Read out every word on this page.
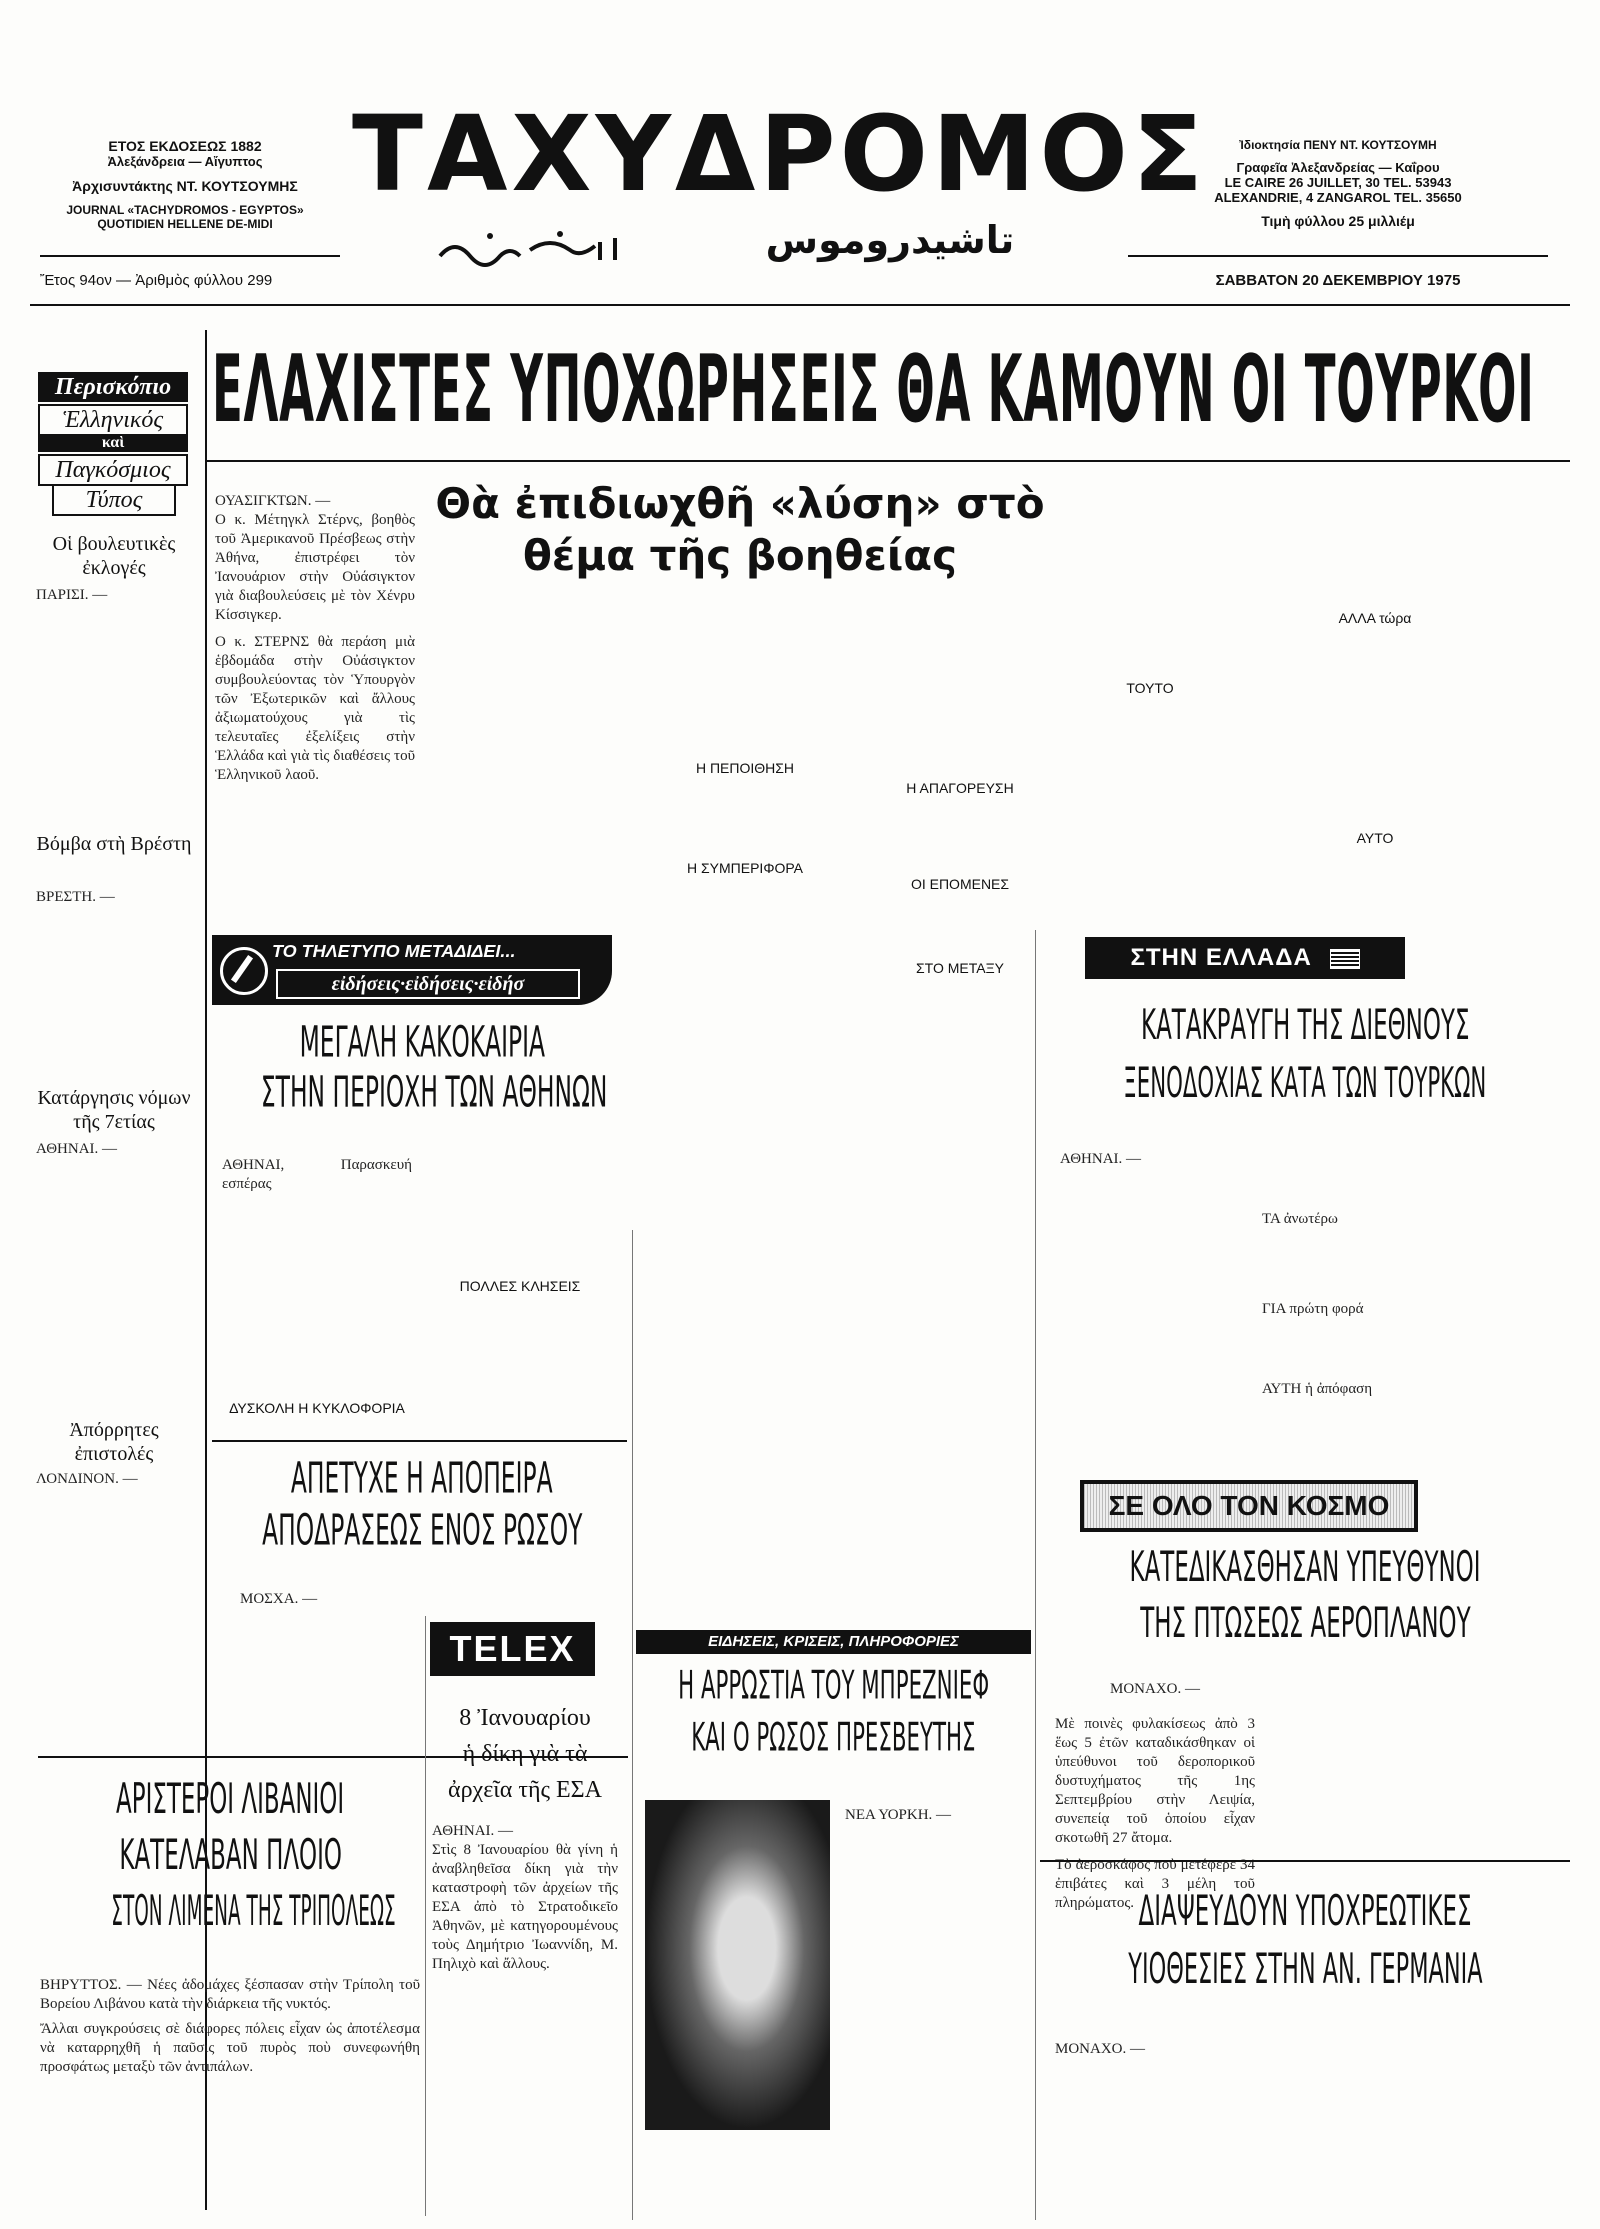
ΕΤΟΣ ΕΚΔΟΣΕΩΣ 1882
Ἀλεξάνδρεια — Αἴγυπτος
Ἀρχισυντάκτης ΝΤ. ΚΟΥΤΣΟΥΜΗΣ
JOURNAL «TACHYDROMOS - EGYPTOS»
QUOTIDIEN HELLENE DE-MIDI
Ἔτος 94ον — Ἀριθμὸς φύλλου 299
ΤΑΧΥΔΡΟΜΟΣ
تاشيدروموس
Ἰδιοκτησία ΠΕΝΥ ΝΤ. ΚΟΥΤΣΟΥΜΗ
Γραφεῖα Ἀλεξανδρείας — Καΐρου
LE CAIRE 26 JUILLET, 30 TEL. 53943
ALEXANDRIE, 4 ZANGAROL TEL. 35650
Τιμὴ φύλλου 25 μιλλιέμ
ΣΑΒΒΑΤΟΝ 20 ΔΕΚΕΜΒΡΙΟΥ 1975
ΕΛΑΧΙΣΤΕΣ ΥΠΟΧΩΡΗΣΕΙΣ ΘΑ ΚΑΜΟΥΝ ΟΙ ΤΟΥΡΚΟΙ
Περισκόπιο
Ἑλληνικός
καὶ
Παγκόσμιος
Τύπος
Οἱ βουλευτικὲς ἐκλογές
ΠΑΡΙΣΙ. —
Βόμβα στὴ Βρέστη
ΒΡΕΣΤΗ. —
Κατάργησις νόμων τῆς 7ετίας
ΑΘΗΝΑΙ. —
Ἀπόρρητες ἐπιστολές
ΛΟΝΔΙΝΟΝ. —
ΟΥΑΣΙΓΚΤΩΝ. —
Ο κ. Μέτηγκλ Στέρνς, βοηθὸς τοῦ Ἀμερικανοῦ Πρέσβεως στὴν Ἀθήνα, ἐπιστρέφει τὸν Ἰανουάριον στὴν Οὐάσιγκτον γιὰ διαβουλεύσεις μὲ τὸν Χένρυ Κίσσιγκερ.
Ο κ. ΣΤΕΡΝΣ θὰ περάση μιὰ ἑβδομάδα στὴν Οὐάσιγκτον συμβουλεύοντας τὸν Ὑπουργὸν τῶν Ἐξωτερικῶν καὶ ἄλλους ἀξιωματούχους γιὰ τὶς τελευταῖες ἐξελίξεις στὴν Ἑλλάδα καὶ γιὰ τὶς διαθέσεις τοῦ Ἑλληνικοῦ λαοῦ.
Θὰ ἐπιδιωχθῆ «λύση» στὸ θέμα τῆς βοηθείας
Η ΠΕΠΟΙΘΗΣΗ
Η ΑΠΑΓΟΡΕΥΣΗ
Η ΣΥΜΠΕΡΙΦΟΡΑ
ΟΙ ΕΠΟΜΕΝΕΣ
ΣΤΟ ΜΕΤΑΞΥ
ΤΟΥΤΟ
ΑΛΛΑ τώρα
ΑΥΤΟ
ΤΟ ΤΗΛΕΤΥΠΟ ΜΕΤΑΔΙΔΕΙ...
εἰδήσεις·εἰδήσεις·εἰδήσ
ΜΕΓΑΛΗ ΚΑΚΟΚΑΙΡΙΑ
ΣΤΗΝ ΠΕΡΙΟΧΗ ΤΩΝ ΑΘΗΝΩΝ
ΑΘΗΝΑΙ, Παρασκευή εσπέρας
ΠΟΛΛΕΣ ΚΛΗΣΕΙΣ
ΔΥΣΚΟΛΗ Η ΚΥΚΛΟΦΟΡΙΑ
ΑΠΕΤΥΧΕ Η ΑΠΟΠΕΙΡΑ
ΑΠΟΔΡΑΣΕΩΣ ΕΝΟΣ ΡΩΣΟΥ
ΜΟΣΧΑ. —
ΣΤΗΝ ΕΛΛΑΔΑ
ΚΑΤΑΚΡΑΥΓΗ ΤΗΣ ΔΙΕΘΝΟΥΣ
ΞΕΝΟΔΟΧΙΑΣ ΚΑΤΑ ΤΩΝ ΤΟΥΡΚΩΝ
ΑΘΗΝΑΙ. —
ΤΑ ἀνωτέρω
ΓΙΑ πρώτη φορά
ΑΥΤΗ ἡ ἀπόφαση
ΣΕ ΟΛΟ ΤΟΝ ΚΟΣΜΟ
ΚΑΤΕΔΙΚΑΣΘΗΣΑΝ ΥΠΕΥΘΥΝΟΙ
ΤΗΣ ΠΤΩΣΕΩΣ ΑΕΡΟΠΛΑΝΟΥ
ΜΟΝΑΧΟ. —
Μὲ ποινὲς φυλακίσεως ἀπὸ 3 ἕως 5 ἐτῶν καταδικάσθηκαν οἱ ὑπεύθυνοι τοῦ δεροπορικοῦ δυστυχήματος τῆς 1ης Σεπτεμβρίου στὴν Λειψία, συνεπείᾳ τοῦ ὁποίου εἶχαν σκοτωθῆ 27 ἄτομα.
Τὸ ἀεροσκάφος ποὺ μετέφερε 34 ἐπιβάτες καὶ 3 μέλη τοῦ πληρώματος. ΔΙΑΨΕΥΔΟΥΝ ΥΠΟΧΡΕΩΤΙΚΕΣ
ΥΙΟΘΕΣΙΕΣ ΣΤΗΝ ΑΝ. ΓΕΡΜΑΝΙΑ
ΜΟΝΑΧΟ. —
ΕΙΔΗΣΕΙΣ, ΚΡΙΣΕΙΣ, ΠΛΗΡΟΦΟΡΙΕΣ
Η ΑΡΡΩΣΤΙΑ ΤΟΥ ΜΠΡΕΖΝΙΕΦ
ΚΑΙ Ο ΡΩΣΟΣ ΠΡΕΣΒΕΥΤΗΣ
ΝΕΑ ΥΟΡΚΗ. —
TELEX
8 Ἰανουαρίου
ἡ δίκη γιὰ τὰ
ἀρχεῖα τῆς ΕΣΑ
ΑΘΗΝΑΙ. —
Στὶς 8 Ἰανουαρίου θὰ γίνη ἡ ἀναβληθεῖσα δίκη γιὰ τὴν καταστροφὴ τῶν ἀρχείων τῆς ΕΣΑ ἀπὸ τὸ Στρατοδικεῖο Ἀθηνῶν, μὲ κατηγορουμένους τοὺς Δημήτριο Ἰωαννίδη, Μ. Πηλιχὸ καὶ ἄλλους.
ΑΡΙΣΤΕΡΟΙ ΛΙΒΑΝΙΟΙ
ΚΑΤΕΛΑΒΑΝ ΠΛΟΙΟ
ΣΤΟΝ ΛΙΜΕΝΑ ΤΗΣ ΤΡΙΠΟΛΕΩΣ
ΒΗΡΥΤΤΟΣ. — Νέες ἀδομάχες ξέσπασαν στὴν Τρίπολη τοῦ Βορείου Λιβάνου κατὰ τὴν διάρκεια τῆς νυκτός.
Ἄλλαι συγκρούσεις σὲ διάφορες πόλεις εἶχαν ὡς ἀποτέλεσμα νὰ καταρρηχθῆ ἡ παῦσις τοῦ πυρὸς ποὺ συνεφωνήθη προσφάτως μεταξὺ τῶν ἀντιπάλων.
